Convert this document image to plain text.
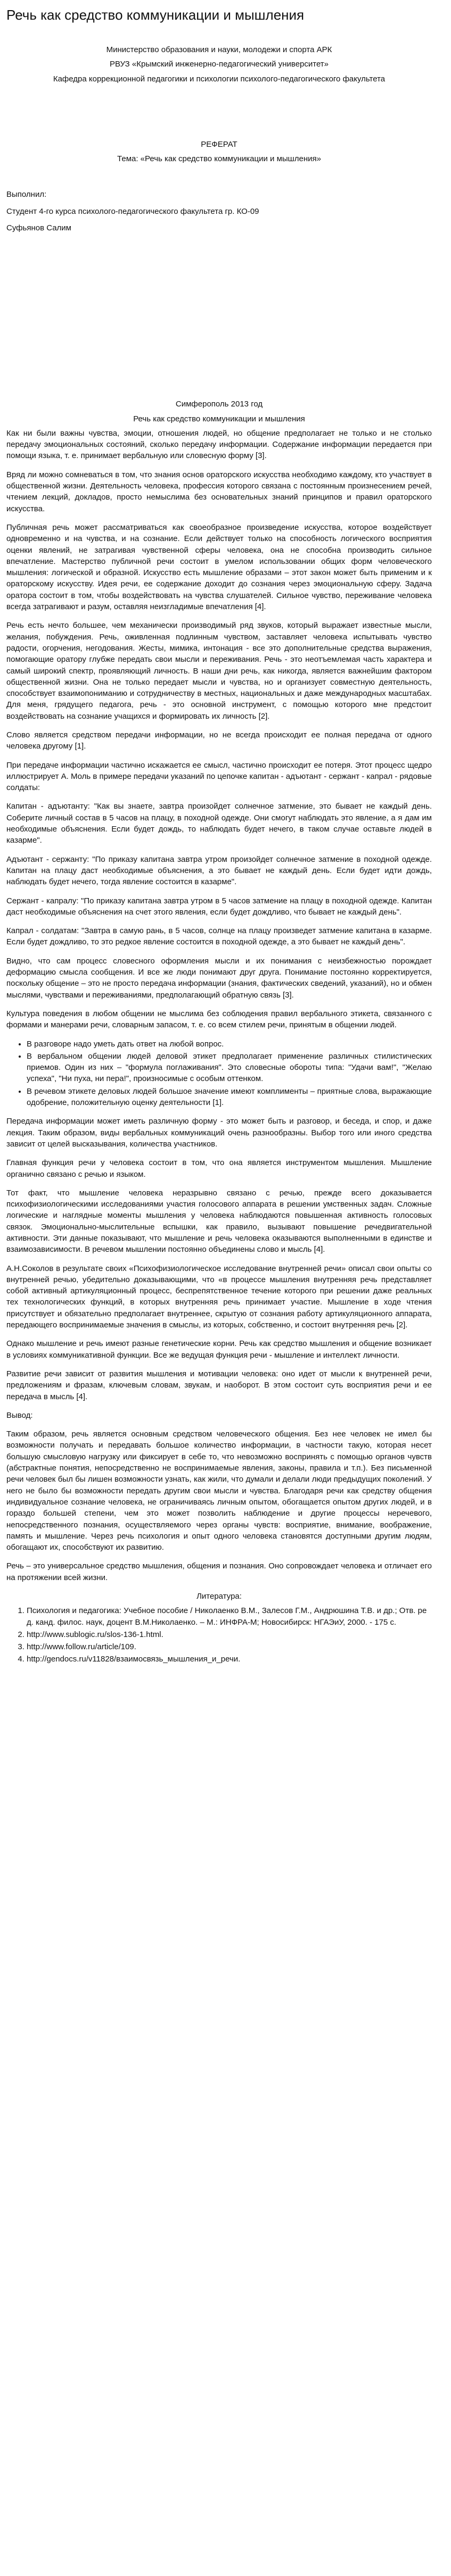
Речь как средство коммуникации и мышления

Министерство образования и науки, молодежи и спорта АРК

РВУЗ «Крымский инженерно-педагогический университет»

Кафедра коррекционной педагогики и психологии психолого-педагогического факультета

РЕФЕРАТ

Тема: «Речь как средство коммуникации и мышления»

Выполнил:

Студент 4-го курса психолого-педагогического факультета гр. КО-09

Суфьянов Салим

Симферополь 2013 год

Речь как средство коммуникации и мышления

Как ни были важны чувства, эмоции, отношения людей, но общение предполагает не только и не столько передачу эмоциональных состояний, сколько передачу информации. Содержание информации передается при помощи языка, т. е. принимает вербальную или словесную форму [3].

Вряд ли можно сомневаться в том, что знания основ ораторского искусства необходимо каждому, кто участвует в общественной жизни. Деятельность человека, профессия которого связана с постоянным произнесением речей, чтением лекций, докладов, просто немыслима без основательных знаний принципов и правил ораторского искусства.

Публичная речь может рассматриваться как своеобразное произведение искусства, которое воздействует одновременно и на чувства, и на сознание. Если действует только на способность логического восприятия оценки явлений, не затрагивая чувственной сферы человека, она не способна производить сильное впечатление. Мастерство публичной речи состоит в умелом использовании общих форм человеческого мышления: логической и образной. Искусство есть мышление образами – этот закон может быть применим и к ораторскому искусству. Идея речи, ее содержание доходит до сознания через эмоциональную сферу. Задача оратора состоит в том, чтобы воздействовать на чувства слушателей. Сильное чувство, переживание человека всегда затрагивают и разум, оставляя неизгладимые впечатления [4].

Речь есть нечто большее, чем механически производимый ряд звуков, который выражает известные мысли, желания, побуждения. Речь, оживленная подлинным чувством, заставляет человека испытывать чувство радости, огорчения, негодования. Жесты, мимика, интонация - все это дополнительные средства выражения, помогающие оратору глубже передать свои мысли и переживания. Речь - это неотъемлемая часть характера и самый широкий спектр, проявляющий личность. В наши дни речь, как никогда, является важнейшим фактором общественной жизни. Она не только передает мысли и чувства, но и организует совместную деятельность, способствует взаимопониманию и сотрудничеству в местных, национальных и даже международных масштабах. Для меня, грядущего педагога, речь - это основной инструмент, с помощью которого мне предстоит воздействовать на сознание учащихся и формировать их личность [2].

Слово является средством передачи информации, но не всегда происходит ее полная передача от одного человека другому [1].

При передаче информации частично искажается ее смысл, частично происходит ее потеря. Этот процесс щедро иллюстрирует А. Моль в примере передачи указаний по цепочке капитан - адъютант - сержант - капрал - рядовые солдаты:

Капитан - адъютанту: "Как вы знаете, завтра произойдет солнечное затмение, это бывает не каждый день. Соберите личный состав в 5 часов на плацу, в походной одежде. Они смогут наблюдать это явление, а я дам им необходимые объяснения. Если будет дождь, то наблюдать будет нечего, в таком случае оставьте людей в казарме".

Адъютант - сержанту: "По приказу капитана завтра утром произойдет солнечное затмение в походной одежде. Капитан на плацу даст необходимые объяснения, а это бывает не каждый день. Если будет идти дождь, наблюдать будет нечего, тогда явление состоится в казарме".

Сержант - капралу: "По приказу капитана завтра утром в 5 часов затмение на плацу в походной одежде. Капитан даст необходимые объяснения на счет этого явления, если будет дождливо, что бывает не каждый день".

Капрал - солдатам: "Завтра в самую рань, в 5 часов, солнце на плацу произведет затмение капитана в казарме. Если будет дождливо, то это редкое явление состоится в походной одежде, а это бывает не каждый день".

Видно, что сам процесс словесного оформления мысли и их понимания с неизбежностью порождает деформацию смысла сообщения. И все же люди понимают друг друга. Понимание постоянно корректируется, поскольку общение – это не просто передача информации (знания, фактических сведений, указаний), но и обмен мыслями, чувствами и переживаниями, предполагающий обратную связь [3].

Культура поведения в любом общении не мыслима без соблюдения правил вербального этикета, связанного с формами и манерами речи, словарным запасом, т. е. со всем стилем речи, принятым в общении людей.

• В разговоре надо уметь дать ответ на любой вопрос.
• В вербальном общении людей деловой этикет предполагает применение различных стилистических приемов. Один из них – "формула поглаживания". Это словесные обороты типа: "Удачи вам!", "Желаю успеха", "Ни пуха, ни пера!", произносимые с особым оттенком.
• В речевом этикете деловых людей большое значение имеют комплименты – приятные слова, выражающие одобрение, положительную оценку деятельности [1].

Передача информации может иметь различную форму - это может быть и разговор, и беседа, и спор, и даже лекция. Таким образом, виды вербальных коммуникаций очень разнообразны. Выбор того или иного средства зависит от целей высказывания, количества участников.

Главная функция речи у человека состоит в том, что она является инструментом мышления. Мышление органично связано с речью и языком.

Тот факт, что мышление человека неразрывно связано с речью, прежде всего доказывается психофизиологическими исследованиями участия голосового аппарата в решении умственных задач. Сложные логические и наглядные моменты мышления у человека наблюдаются повышенная активность голосовых связок. Эмоционально-мыслительные вспышки, как правило, вызывают повышение речедвигательной активности. Эти данные показывают, что мышление и речь человека оказываются выполненными в единстве и взаимозависимости. В речевом мышлении постоянно объединены слово и мысль [4].

А.Н.Соколов в результате своих «Психофизиологическое исследование внутренней речи» описал свои опыты со внутренней речью, убедительно доказывающими, что «в процессе мышления внутренняя речь представляет собой активный артикуляционный процесс, беспрепятственное течение которого при решении даже реальных тех технологических функций, в которых внутренняя речь принимает участие. Мышление в ходе чтения присутствует и обязательно предполагает внутреннее, скрытую от сознания работу артикуляционного аппарата, передающего воспринимаемые значения в смыслы, из которых, собственно, и состоит внутренняя речь [2].

Однако мышление и речь имеют разные генетические корни. Речь как средство мышления и общение возникает в условиях коммуникативной функции. Все же ведущая функция речи - мышление и интеллект личности.

Развитие речи зависит от развития мышления и мотивации человека: оно идет от мысли к внутренней речи, предложениям и фразам, ключевым словам, звукам, и наоборот. В этом состоит суть восприятия речи и ее передача в мысль [4].

Вывод:

Таким образом, речь является основным средством человеческого общения. Без нее человек не имел бы возможности получать и передавать большое количество информации, в частности такую, которая несет большую смысловую нагрузку или фиксирует в себе то, что невозможно воспринять с помощью органов чувств (абстрактные понятия, непосредственно не воспринимаемые явления, законы, правила и т.п.). Без письменной речи человек был бы лишен возможности узнать, как жили, что думали и делали люди предыдущих поколений. У него не было бы возможности передать другим свои мысли и чувства. Благодаря речи как средству общения индивидуальное сознание человека, не ограничиваясь личным опытом, обогащается опытом других людей, и в гораздо большей степени, чем это может позволить наблюдение и другие процессы неречевого, непосредственного познания, осуществляемого через органы чувств: восприятие, внимание, воображение, память и мышление. Через речь психология и опыт одного человека становятся доступными другим людям, обогащают их, способствуют их развитию.

Речь – это универсальное средство мышления, общения и познания. Оно сопровождает человека и отличает его на протяжении всей жизни.

Литература:

1. Психология и педагогика: Учебное пособие / Николаенко В.М., Залесов Г.М., Андрюшина Т.В. и др.; Отв. ред. канд. филос. наук, доцент В.М.Николаенко. – М.: ИНФРА-М; Новосибирск: НГАЭиУ, 2000. - 175 с.
2. http://www.sublogic.ru/slos-136-1.html.
3. http://www.follow.ru/article/109.
4. http://gendocs.ru/v11828/взаимосвязь_мышления_и_речи.
